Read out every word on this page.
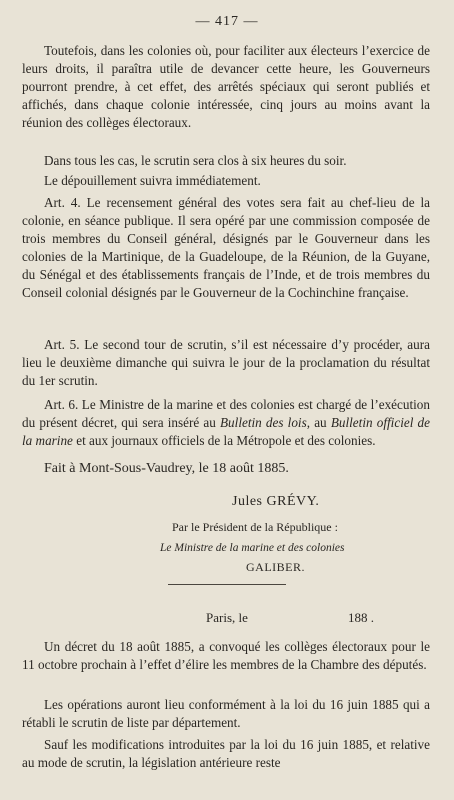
— 417 —
Toutefois, dans les colonies où, pour faciliter aux électeurs l’exercice de leurs droits, il paraîtra utile de devancer cette heure, les Gouverneurs pourront prendre, à cet effet, des arrêtés spéciaux qui seront publiés et affichés, dans chaque colonie intéressée, cinq jours au moins avant la réunion des collèges électoraux.
Dans tous les cas, le scrutin sera clos à six heures du soir.
Le dépouillement suivra immédiatement.
Art. 4. Le recensement général des votes sera fait au chef-lieu de la colonie, en séance publique. Il sera opéré par une commission composée de trois membres du Conseil général, désignés par le Gouverneur dans les colonies de la Martinique, de la Guadeloupe, de la Réunion, de la Guyane, du Sénégal et des établissements français de l’Inde, et de trois membres du Conseil colonial désignés par le Gouverneur de la Cochinchine française.
Art. 5. Le second tour de scrutin, s’il est nécessaire d’y procéder, aura lieu le deuxième dimanche qui suivra le jour de la proclamation du résultat du 1er scrutin.
Art. 6. Le Ministre de la marine et des colonies est chargé de l’exécution du présent décret, qui sera inséré au Bulletin des lois, au Bulletin officiel de la marine et aux journaux officiels de la Métropole et des colonies.
Fait à Mont-Sous-Vaudrey, le 18 août 1885.
Jules GRÉVY.
Par le Président de la République :
Le Ministre de la marine et des colonies
GALIBER.
Paris, le	188 .
Un décret du 18 août 1885, a convoqué les collèges électoraux pour le 11 octobre prochain à l’effet d’élire les membres de la Chambre des députés.
Les opérations auront lieu conformément à la loi du 16 juin 1885 qui a rétabli le scrutin de liste par département.
Sauf les modifications introduites par la loi du 16 juin 1885, et relative au mode de scrutin, la législation antérieure reste
